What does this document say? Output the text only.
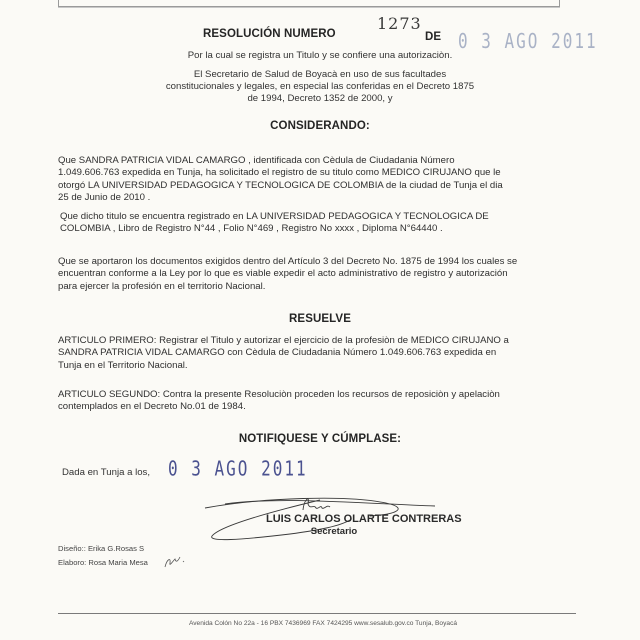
RESOLUCIÓN NUMERO
1273
DE 0 3 AGO 2011
Por la cual se registra un Titulo y se confiere una autorizaciòn.
El Secretario de Salud de Boyacà en uso de sus facultades
constitucionales y legales, en especial las conferidas en el Decreto 1875
de 1994, Decreto 1352 de 2000, y
CONSIDERANDO:
Que SANDRA PATRICIA VIDAL CAMARGO , identificada con Cèdula de Ciudadania Número
1.049.606.763 expedida en Tunja, ha solicitado el registro de su titulo como MEDICO CIRUJANO que le
otorgó LA UNIVERSIDAD PEDAGOGICA Y TECNOLOGICA DE COLOMBIA de la ciudad de Tunja el dia
25 de Junio de 2010 .
Que dicho titulo se encuentra registrado en LA UNIVERSIDAD PEDAGOGICA Y TECNOLOGICA DE
COLOMBIA , Libro de Registro N°44 , Folio N°469 , Registro No xxxx , Diploma N°64440 .
Que se aportaron los documentos exigidos dentro del Artículo 3 del Decreto No. 1875 de 1994 los cuales se
encuentran conforme a la Ley por lo que es viable expedir el acto administrativo de registro y autorización
para ejercer la profesión en el territorio Nacional.
RESUELVE
ARTICULO PRIMERO: Registrar el Titulo y autorizar el ejercicio de la profesiòn de MEDICO CIRUJANO a
SANDRA PATRICIA VIDAL CAMARGO con Cèdula de Ciudadania Número 1.049.606.763 expedida en
Tunja en el Territorio Nacional.
ARTICULO SEGUNDO: Contra la presente Resoluciòn proceden los recursos de reposiciòn y apelaciòn
contemplados en el Decreto No.01 de 1984.
NOTIFIQUESE Y CÚMPLASE:
Dada en Tunja a los, 0 3 AGO 2011
LUIS CARLOS OLARTE CONTRERAS
Secretario
Diseño:: Erika G.Rosas S
Elaboro: Rosa Maria Mesa
Avenida Colón No 22a - 16 PBX 7436969 FAX 7424295 www.sesalub.gov.co Tunja, Boyacá
